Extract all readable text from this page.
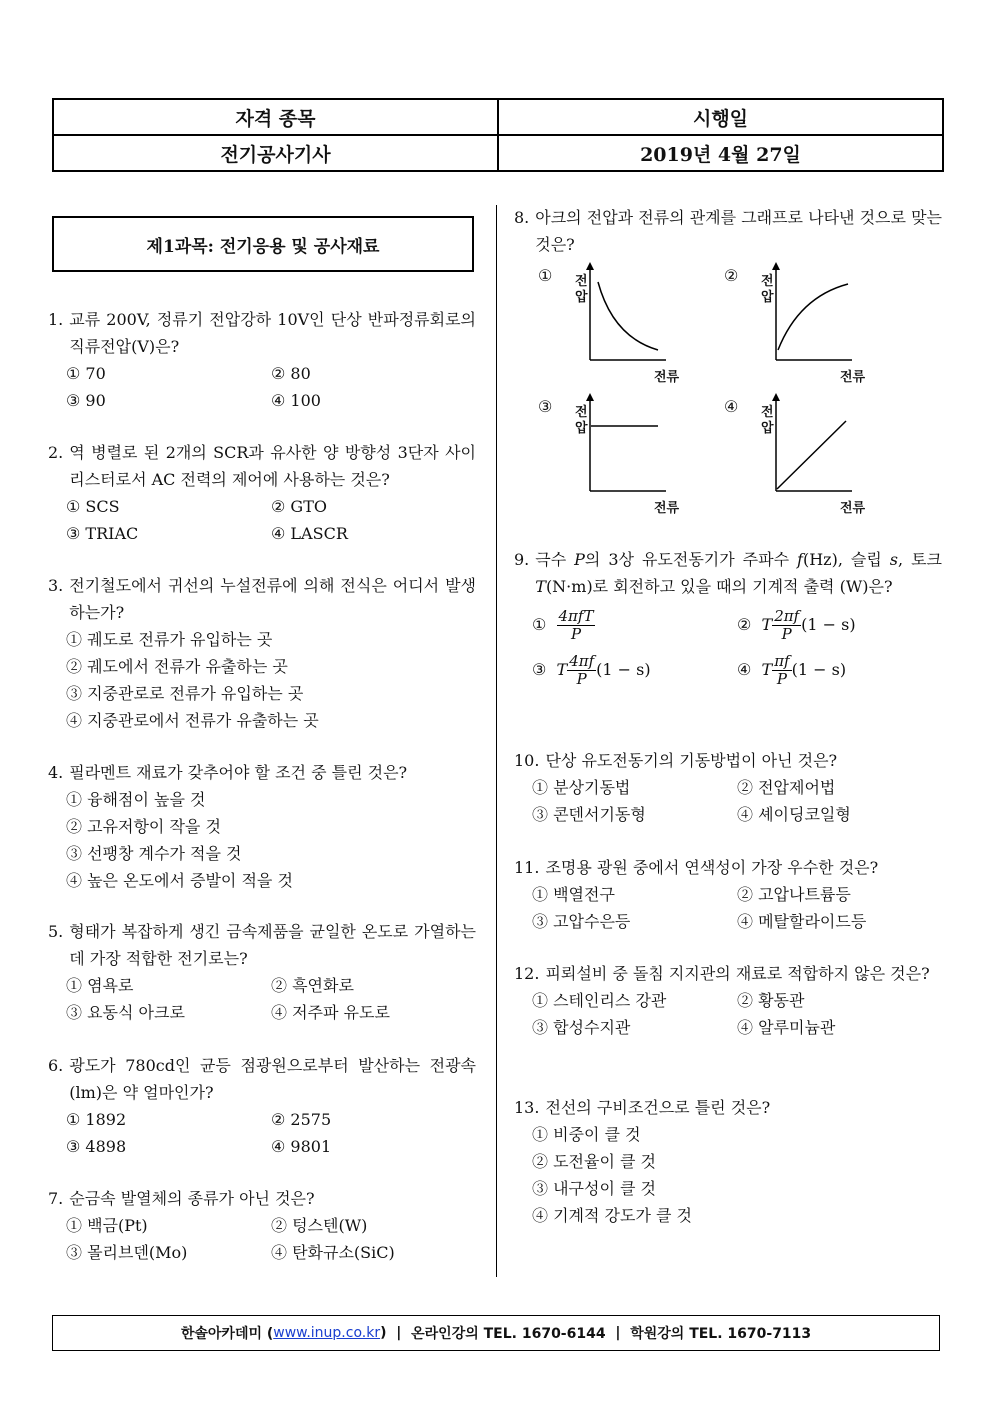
자격 종목	시행일
전기공사기사	2019년 4월 27일
제1과목: 전기응용 및 공사재료
1. 교류 200V, 정류기 전압강하 10V인 단상 반파정류회로의 직류전압(V)은?
① 70	② 80
③ 90	④ 100
2. 역 병렬로 된 2개의 SCR과 유사한 양 방향성 3단자 사이리스터로서 AC 전력의 제어에 사용하는 것은?
① SCS	② GTO
③ TRIAC	④ LASCR
3. 전기철도에서 귀선의 누설전류에 의해 전식은 어디서 발생하는가?
① 궤도로 전류가 유입하는 곳
② 궤도에서 전류가 유출하는 곳
③ 지중관로로 전류가 유입하는 곳
④ 지중관로에서 전류가 유출하는 곳
4. 필라멘트 재료가 갖추어야 할 조건 중 틀린 것은?
① 융해점이 높을 것
② 고유저항이 작을 것
③ 선팽창 계수가 적을 것
④ 높은 온도에서 증발이 적을 것
5. 형태가 복잡하게 생긴 금속제품을 균일한 온도로 가열하는데 가장 적합한 전기로는?
① 염욕로	② 흑연화로
③ 요동식 아크로	④ 저주파 유도로
6. 광도가 780cd인 균등 점광원으로부터 발산하는 전광속(lm)은 약 얼마인가?
① 1892	② 2575
③ 4898	④ 9801
7. 순금속 발열체의 종류가 아닌 것은?
① 백금(Pt)	② 텅스텐(W)
③ 몰리브덴(Mo)	④ 탄화규소(SiC)
8. 아크의 전압과 전류의 관계를 그래프로 나타낸 것으로 맞는 것은?
① 전압
전류
② 전압
전류
③ 전압
전류
④ 전압
전류
9. 극수 P의 3상 유도전동기가 주파수 f(Hz), 슬립 s, 토크 T(N·m)로 회전하고 있을 때의 기계적 출력 (W)은?
① $\frac{\text{4πfT}}{P}$	② T $\frac{2\pi f}{P} (1 - s)$
③ T $\frac{4\pi f}{P} (1 - s)$	④ T $\frac{\pi f}{P} (1 - s)$
10. 단상 유도전동기의 기동방법이 아닌 것은?
① 분상기동법	② 전압제어법
③ 콘덴서기동형	④ 셰이딩코일형
11. 조명용 광원 중에서 연색성이 가장 우수한 것은?
① 백열전구	② 고압나트륨등
③ 고압수은등	④ 메탈할라이드등
12. 피뢰설비 중 돌침 지지관의 재료로 적합하지 않은 것은?
① 스테인리스 강관	② 황동관
③ 합성수지관	④ 알루미늄관
13. 전선의 구비조건으로 틀린 것은?
① 비중이 클 것
② 도전율이 클 것
③ 내구성이 클 것
④ 기계적 강도가 클 것
한솔아카데미 ( www.inup.co.kr )
|
온라인강의 TEL. 1670-6144
|
학원강의 TEL. 1670-7113
